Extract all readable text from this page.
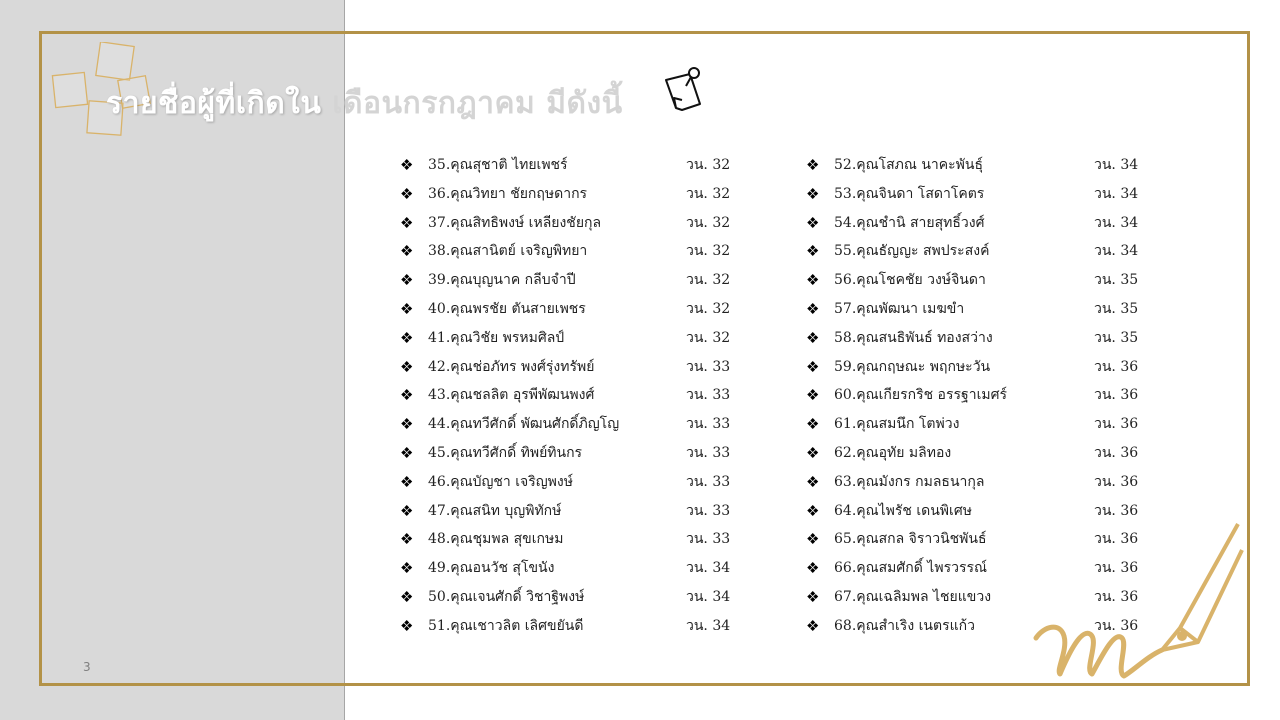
รายชื่อผู้ที่เกิดใน เดือนกรกฎาคม มีดังนี้
❖ 35.คุณสุชาติ ไทยเพชร์	วน. 32
❖ 36.คุณวิทยา ชัยกฤษดากร	วน. 32
❖ 37.คุณสิทธิพงษ์ เหลียงชัยกุล	วน. 32
❖ 38.คุณสานิตย์ เจริญพิทยา	วน. 32
❖ 39.คุณบุญนาค กลีบจำปี	วน. 32
❖ 40.คุณพรชัย ตันสายเพชร	วน. 32
❖ 41.คุณวิชัย พรหมศิลป์	วน. 32
❖ 42.คุณช่อภัทร พงศ์รุ่งทรัพย์	วน. 33
❖ 43.คุณชลลิต อุรพีพัฒนพงศ์	วน. 33
❖ 44.คุณทวีศักดิ์ พัฒนศักดิ์ภิญโญ	วน. 33
❖ 45.คุณทวีศักดิ์ ทิพย์ทินกร	วน. 33
❖ 46.คุณบัญชา เจริญพงษ์	วน. 33
❖ 47.คุณสนิท บุญพิทักษ์	วน. 33
❖ 48.คุณชุมพล สุขเกษม	วน. 33
❖ 49.คุณอนวัช สุโขนัง	วน. 34
❖ 50.คุณเจนศักดิ์ วิชาฐิพงษ์	วน. 34
❖ 51.คุณเชาวลิต เลิศขยันดี	วน. 34
❖ 52.คุณโสภณ นาคะพันธุ์	วน. 34
❖ 53.คุณจินดา โสดาโคตร	วน. 34
❖ 54.คุณชำนิ สายสุทธิ์วงศ์	วน. 34
❖ 55.คุณธัญญะ สพประสงค์	วน. 34
❖ 56.คุณโชคชัย วงษ์จินดา	วน. 35
❖ 57.คุณพัฒนา เมฆขำ	วน. 35
❖ 58.คุณสนธิพันธ์ ทองสว่าง	วน. 35
❖ 59.คุณกฤษณะ พฤกษะวัน	วน. 36
❖ 60.คุณเกียรกริช อรรฐาเมศร์	วน. 36
❖ 61.คุณสมนึก โตพ่วง	วน. 36
❖ 62.คุณอุทัย มลิทอง	วน. 36
❖ 63.คุณมังกร กมลธนากุล	วน. 36
❖ 64.คุณไพรัช เดนพิเศษ	วน. 36
❖ 65.คุณสกล จิราวนิชพันธ์	วน. 36
❖ 66.คุณสมศักดิ์ ไพรวรรณ์	วน. 36
❖ 67.คุณเฉลิมพล ไชยแขวง	วน. 36
❖ 68.คุณสำเริง เนตรแก้ว	วน. 36
3
